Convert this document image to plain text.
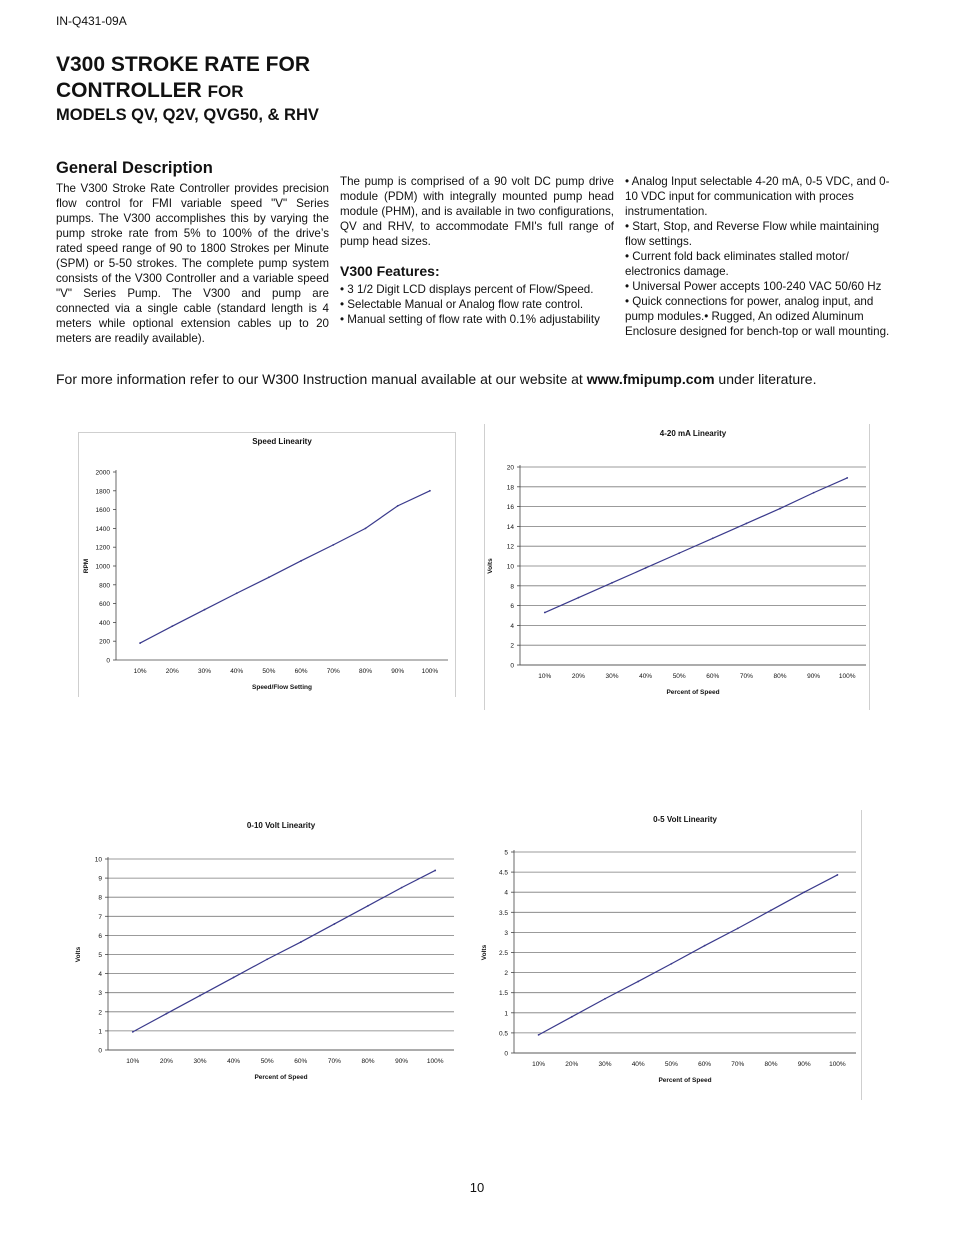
IN-Q431-09A
V300 STROKE RATE FOR
CONTROLLER FOR
MODELS QV, Q2V, QVG50, & RHV
General Description
The V300 Stroke Rate Controller provides precision flow control for FMI variable speed "V" Series pumps. The V300 accomplishes this by varying the pump stroke rate from 5% to 100% of the drive’s rated speed range of 90 to 1800 Strokes per Minute (SPM) or 5-50 strokes. The complete pump system consists of the V300 Controller and a variable speed "V" Series Pump. The V300 and pump are connected via a single cable (standard length is 4 meters while optional extension cables up to 20 meters are readily available).
The pump is comprised of a 90 volt DC pump drive module (PDM) with integrally mounted pump head module (PHM), and is available in two configurations, QV and RHV, to accommodate FMI's full range of pump head sizes.
V300 Features:

• 3 1/2 Digit LCD displays percent of Flow/Speed.

• Selectable Manual or Analog flow rate control.

• Manual setting of flow rate with 0.1% adjustability

• Analog Input selectable 4-20 mA, 0-5 VDC, and 0-10 VDC input for communication with proces instrumentation.

• Start, Stop, and Reverse Flow while maintaining flow settings.

• Current fold back eliminates stalled motor/ electronics damage.

• Universal Power accepts 100-240 VAC 50/60 Hz

• Quick connections for power, analog input, and pump modules.• Rugged, An odized Aluminum Enclosure designed for bench-top or wall mounting.

For more information refer to our W300 Instruction manual available at our website at www.fmipump.com under literature.
Speed Linearity
0
200
400
600
800
1000
1200
1400
1600
1800
2000
10%	20%	30%	40%	50%	60%	70%	80%	90%	100%
Speed/Flow Setting
RPM
4-20 mA Linearity
0
2
4
6
8
10
12
14
16
18
20
10%	20%	30%	40%	50%	60%	70%	80%	90%	100%
Percent of Speed
Volts
0-10 Volt Linearity
0
1
2
3
4
5
6
7
8
9
10
10%	20%	30%	40%	50%	60%	70%	80%	90%	100%
Percent of Speed
Volts
0-5 Volt Linearity
0
0.5
1
1.5
2
2.5
3
3.5
4
4.5
5
10%	20%	30%	40%	50%	60%	70%	80%	90%	100%
Percent of Speed
Volts
10
